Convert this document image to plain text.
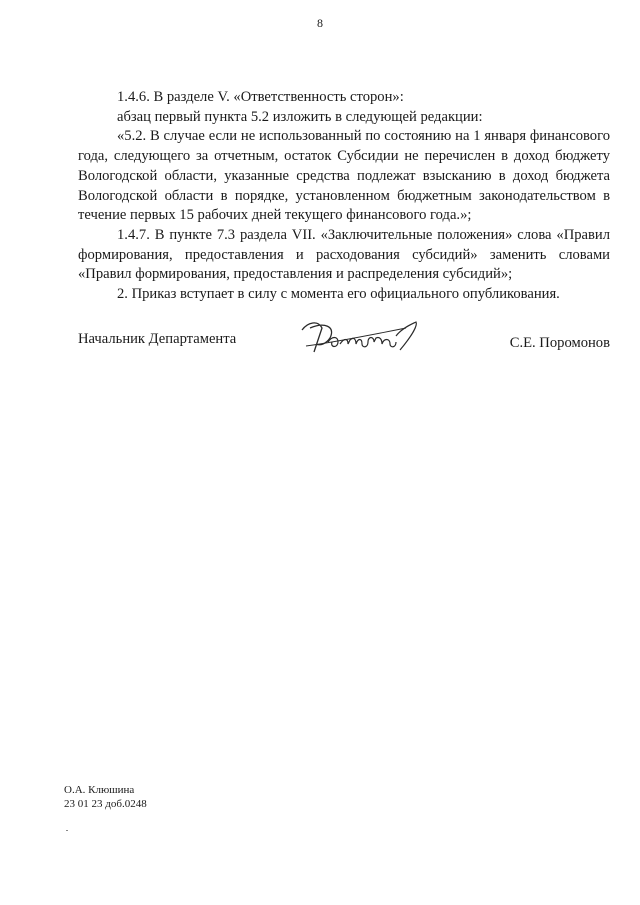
8

1.4.6. В разделе V. «Ответственность сторон»:

абзац первый пункта 5.2 изложить в следующей редакции:

«5.2. В случае если не использованный по состоянию на 1 января финансового года, следующего за отчетным, остаток Субсидии не перечислен в доход бюджету Вологодской области, указанные средства подлежат взысканию в доход бюджета Вологодской области в порядке, установленном бюджетным законодательством в течение первых 15 рабочих дней текущего финансового года.»;

1.4.7. В пункте 7.3 раздела VII. «Заключительные положения» слова «Правил формирования, предоставления и расходования субсидий» заменить словами «Правил формирования, предоставления и распределения субсидий»;

2. Приказ вступает в силу с момента его официального опубликования.

Начальник Департамента	С.Е. Поромонов
О.А. Клюшина
23 01 23 доб.0248
